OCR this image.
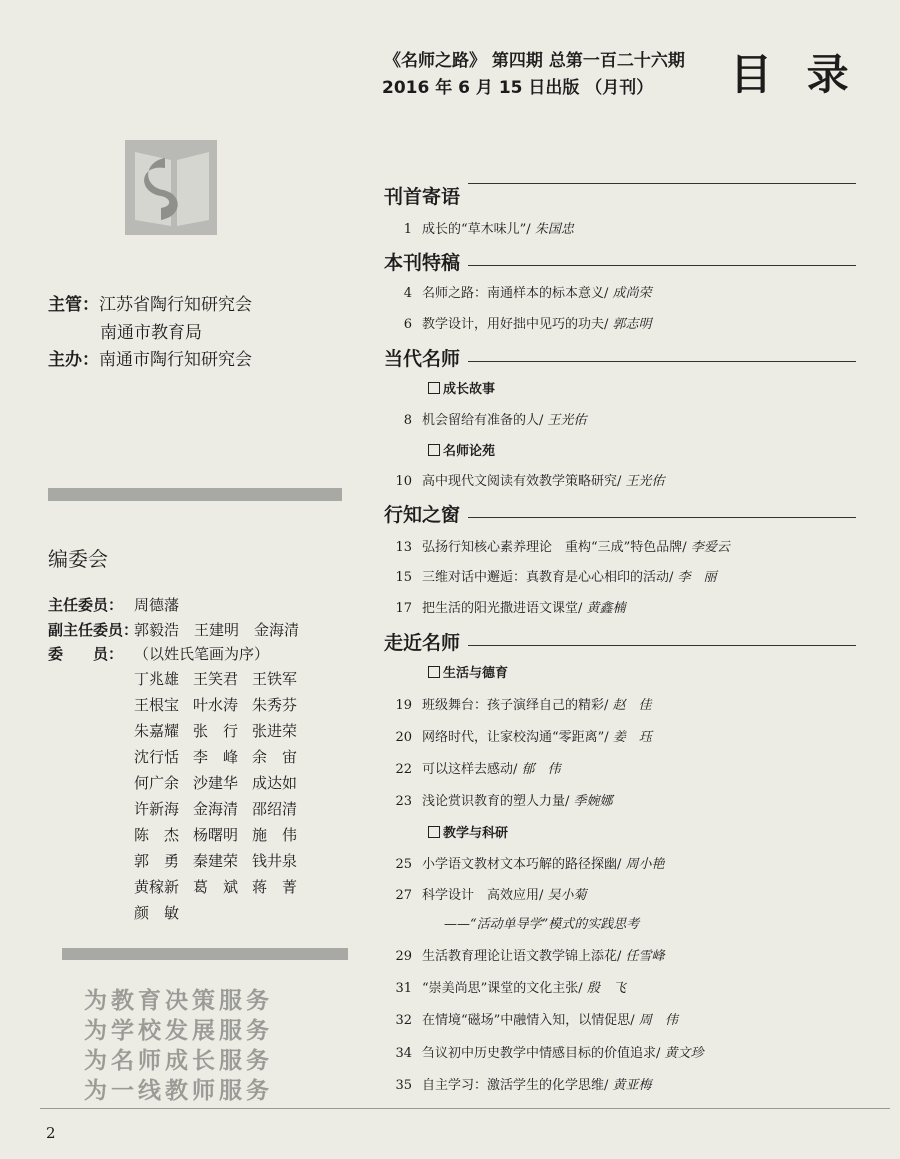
《名师之路》 第四期 总第一百二十六期
2016 年 6 月 15 日出版 （月刊） 目 录
主管：江苏省陶行知研究会
南通市教育局
主办：南通市陶行知研究会
编委会
主任委员： 周德藩
副主任委员：郭毅浩　王建明　金海清
委　　员： （以姓氏笔画为序）
丁兆雄 王笑君 王铁军
王根宝 叶水涛 朱秀芬
朱嘉耀 张　行 张进荣
沈行恬 李　峰 余　宙
何广余 沙建华 成达如
许新海 金海清 邵绍清
陈　杰 杨曙明 施　伟
郭　勇 秦建荣 钱井泉
黄稼新 葛　斌 蒋　菁
颜　敏
为教育决策服务
为学校发展服务
为名师成长服务
为一线教师服务
刊首寄语
1 成长的“草木味儿”/ 朱国忠
本刊特稿
4 名师之路：南通样本的标本意义/ 成尚荣
6 教学设计，用好拙中见巧的功夫/ 郭志明
当代名师
成长故事
8 机会留给有准备的人/ 王光佑
名师论苑
10 高中现代文阅读有效教学策略研究/ 王光佑
行知之窗
13 弘扬行知核心素养理论　重构“三成”特色品牌/ 李爱云
15 三维对话中邂逅：真教育是心心相印的活动/ 李　丽
17 把生活的阳光撒进语文课堂/ 黄鑫楠
走近名师
生活与德育
19 班级舞台：孩子演绎自己的精彩/ 赵　佳
20 网络时代，让家校沟通“零距离”/ 姜　珏
22 可以这样去感动/ 郁　伟
23 浅论赏识教育的塑人力量/ 季婉娜
教学与科研
25 小学语文教材文本巧解的路径探幽/ 周小艳
27 科学设计　高效应用/ 吴小菊
——“活动单导学”模式的实践思考
29 生活教育理论让语文教学锦上添花/ 任雪峰
31 “崇美尚思”课堂的文化主张/ 殷　飞
32 在情境“磁场”中融情入知，以情促思/ 周　伟
34 刍议初中历史教学中情感目标的价值追求/ 黄文珍
35 自主学习：激活学生的化学思维/ 黄亚梅
2
